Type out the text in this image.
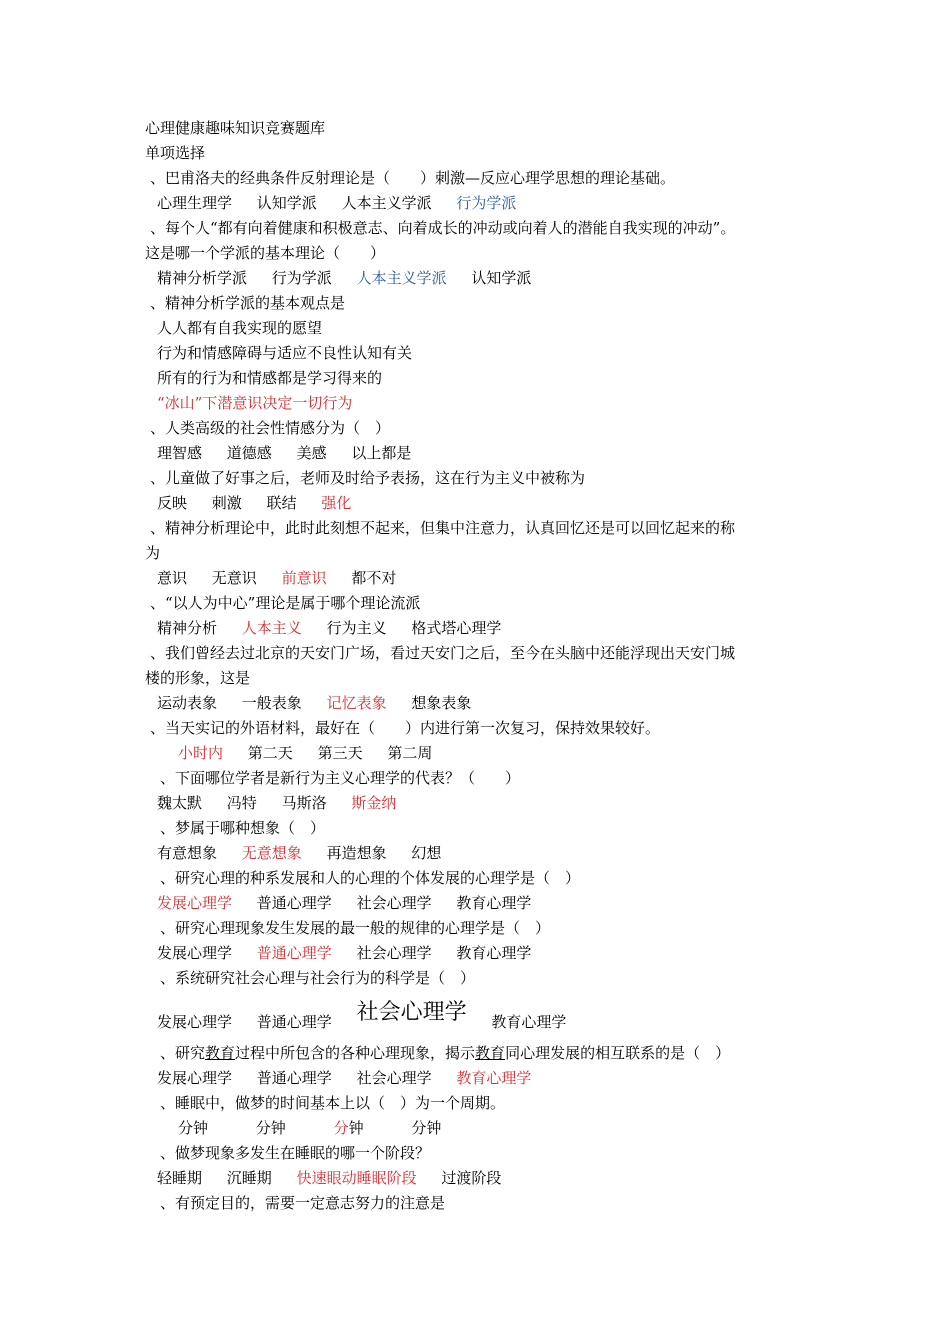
心理健康趣味知识竞赛题库
单项选择
、巴甫洛夫的经典条件反射理论是（　　）刺激—反应心理学思想的理论基础。
心理生理学 认知学派 人本主义学派 行为学派
、每个人“都有向着健康和积极意志、向着成长的冲动或向着人的潜能自我实现的冲动”。
这是哪一个学派的基本理论（　　）
精神分析学派 行为学派 人本主义学派 认知学派
、精神分析学派的基本观点是
人人都有自我实现的愿望
行为和情感障碍与适应不良性认知有关
所有的行为和情感都是学习得来的
“冰山”下潜意识决定一切行为
、人类高级的社会性情感分为（　）
理智感 道德感 美感 以上都是
、儿童做了好事之后，老师及时给予表扬，这在行为主义中被称为
反映 刺激 联结 强化
、精神分析理论中，此时此刻想不起来，但集中注意力，认真回忆还是可以回忆起来的称
为
意识 无意识 前意识 都不对
、“以人为中心”理论是属于哪个理论流派
精神分析 人本主义 行为主义 格式塔心理学
、我们曾经去过北京的天安门广场，看过天安门之后，至今在头脑中还能浮现出天安门城
楼的形象，这是
运动表象 一般表象 记忆表象 想象表象
、当天实记的外语材料，最好在（　　）内进行第一次复习，保持效果较好。
小时内 第二天 第三天 第二周
、下面哪位学者是新行为主义心理学的代表？（　　）
魏太默 冯特 马斯洛 斯金纳
、梦属于哪种想象（　）
有意想象 无意想象 再造想象 幻想
、研究心理的种系发展和人的心理的个体发展的心理学是（　）
发展心理学 普通心理学 社会心理学 教育心理学
、研究心理现象发生发展的最一般的规律的心理学是（　）
发展心理学 普通心理学 社会心理学 教育心理学
、系统研究社会心理与社会行为的科学是（　）
发展心理学 普通心理学 社会心理学 教育心理学
、研究教育过程中所包含的各种心理现象，揭示教育同心理发展的相互联系的是（　）
发展心理学 普通心理学 社会心理学 教育心理学
、睡眠中，做梦的时间基本上以（　）为一个周期。
分钟	分钟	分钟	分钟
、做梦现象多发生在睡眠的哪一个阶段？
轻睡期 沉睡期 快速眼动睡眠阶段 过渡阶段
、有预定目的，需要一定意志努力的注意是
